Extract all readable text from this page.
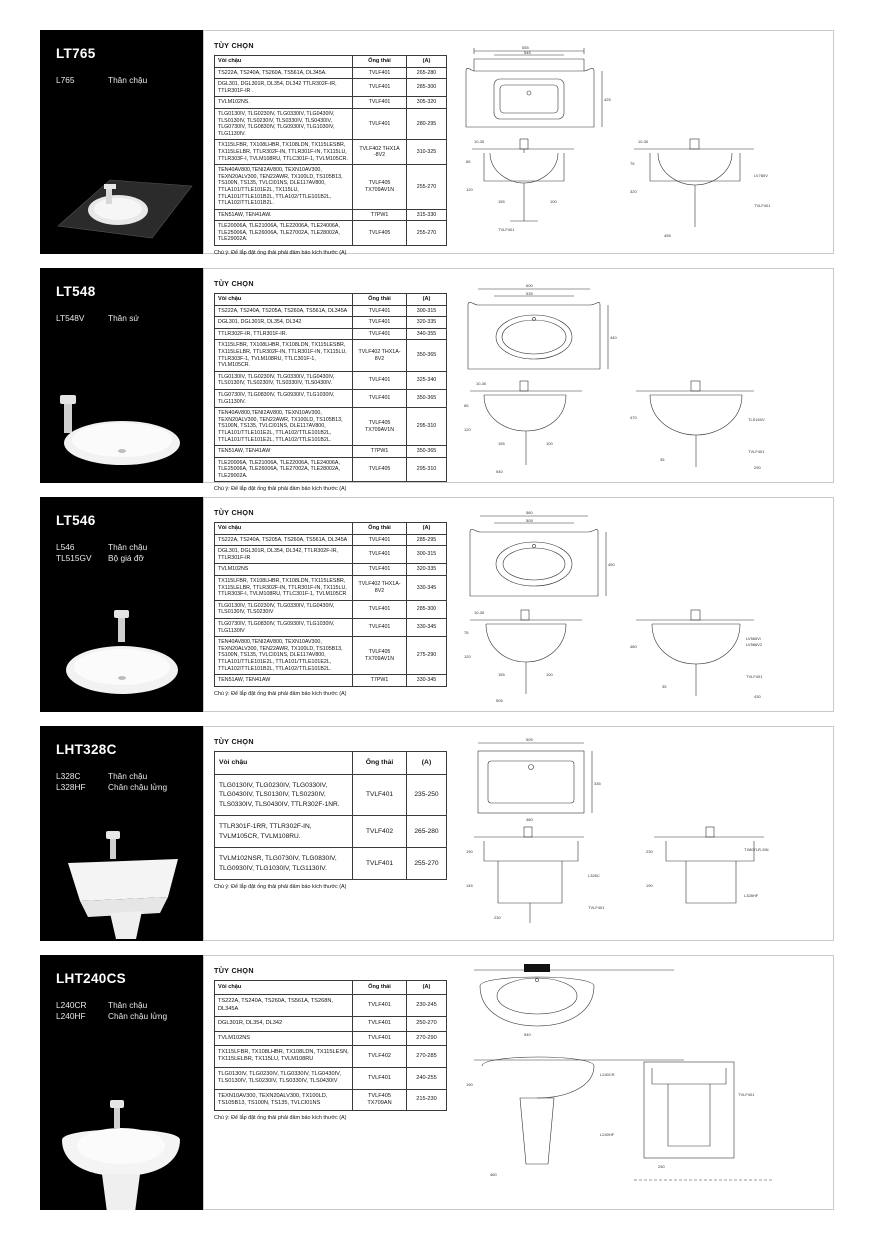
LT765
L765	Thân chậu
TÙY CHỌN
Vòi chậu	Ống thải	(A)
TS222A, TS240A, TS260A, TS561A, DL345A.	TVLF401	265-280
DGL301, DGL301R, DL354, DL342 TTLR302F-IR, TTLR301F-IR .	TVLF401	285-300
TVLM102NS.	TVLF401	305-320
TLG0130IV, TLG0230IV, TLG0330IV, TLG0430IV, TLS0130IV, TLS0230IV, TLS0330IV, TLS0430IV, TLG0730IV, TLG0830IV, TLG0930IV, TLG1030IV, TLG1130IV.	TVLF401	280-295
TX115LFBR, TX108LHBR, TX108LDN, TX115LESBR, TX115LELBR, TTLR302F-IN, TTLR301F-IN, TX115LU, TTLR303F-I, TVLM108RU, TTLC301F-1, TVLM105CR.	TVLF402 THX1A -8V2	310-325
TEN40AV800,TENI2AV800, TEXN10AV300, TEXN20ALV300, TEN22AWR, TX100LD, TS105B13, TS100N, TS135, TVLCI01NS, DLE117AV800, TTLA101/TTLE101E2L, TX115LU, TTLA101/TTLE101B2L, TTLA102/TTLE101B2L, TTLA102/TTLE101B2L.	TVLF405 TX709AV1N	255-270
TEN51AW, TEN41AW.	T7PW1	315-330
TLE20006A, TLE21006A, TLE22006A, TLE24006A, TLE25006A, TLE26006A, TLE27002A, TLE28002A, TLE29002A.	TVLF405	255-270
Chú ý: Để lắp đặt ống thải phải đảm bảo kích thước (A)
555
545
425
10-30
65
120
155	100
TVLF401
10-30
75
320
LV780V
TVLF401
455
LT548
LT548V	Thân sứ
TÙY CHỌN
Vòi chậu	Ống thải	(A)
TS222A, TS240A, TS205A, TS260A, TS561A, DL345A	TVLF401	300-315
DGL301, DGL301R, DL354, DL342	TVLF401	320-335
TTLR302F-IR, TTLR301F-IR.	TVLF401	340-355
TX115LFBR, TX108LHBR, TX108LDN, TX115LESBR, TX115LELBR, TTLR302F-IN, TTLR301F-IN, TX115LU, TTLR303F-1, TVLM108RU, TTLC301F-1, TVLM105CR.	TVLF402 THX1A-8V2	350-365
TLG0130IV, TLG0230IV, TLG0330IV, TLG0430IV, TLS0130IV, TLS0230IV, TLS0330IV, TLS0430IV.	TVLF401	325-340
TLG0730IV, TLG0830IV, TLG0930IV, TLG1030IV, TLG1130IV.	TVLF401	350-365
TEN40AV800,TENI2AV800, TEXN10AV300, TEXN20ALV300, TEN22AWR, TX100LD, TS105B13, TS100N, TS135, TVLCI01NS, DLE117AV800, TTLA101/TTLE101E2L, TTLA102/TTLE101B2L, TTLA101/TTLE101E2L, TTLA102/TTLE101B2L.	TVLF405 TX709AV1N	295-310
TEN51AW, TEN41AW	T7PW1	350-365
TLE20006A, TLE21006A, TLE22006A, TLE24006A, TLE25006A, TLE26006A, TLE27002A, TLE28002A, TLE29002A.	TVLF405	295-310
Chú ý: Để lắp đặt ống thải phải đảm bảo kích thước (A)
600
535
440
10-30
65
120
155	100
540
470
35
TLS160V
TVLF401
290
LT546
L546
TL515GV
Thân chậu
Bộ giá đỡ
TÙY CHỌN
Vòi chậu	Ống thải	(A)
TS222A, TS240A, TS205A, TS260A, TS561A, DL345A	TVLF401	285-295
DGL301, DGL301R, DL354, DL342, TTLR302F-IR, TTLR301F-IR	TVLF401	300-315
TVLM102NS	TVLF401	320-335
TX115LFBR, TX108LHBR, TX108LDN, TX115LESBR, TX115LELBR, TTLR302F-IN, TTLR301F-IN, TX115LU, TTLR303F-I, TVLM108RU, TTLC301F-1, TVLM105CR	TVLF402 THX1A-8V2	330-345
TLG0130IV, TLG0230IV, TLG0330IV, TLG0430IV, TLS0130IV, TLS0230IV	TVLF401	285-300
TLG0730IV, TLG0830IV, TLG0930IV, TLG1030IV, TLG1130IV	TVLF401	330-345
TEN40AV800,TENI2AV800, TEXN10AV300, TEXN20ALV300, TEN22AWR, TX100LD, TS105B13, TS100N, TS135, TVLCI01NS, DLE117AV800, TTLA101/TTLE101E2L, TTLA101/TTLE101E2L, TTLA102/TTLE101B2L, TTLA102/TTLE101B2L.	TVLF405 TX709AV1N	275-290
TEN51AW, TEN41AW	T7PW1	330-345
Chú ý: Để lắp đặt ống thải phải đảm bảo kích thước (A)
560
505
450
10-30
75
120
155	100
505
480
LV565V/
LV566V2
TVLF401
35
430
LHT328C
L328C
L328HF
Thân chậu
Chân chậu lửng
TÙY CHỌN
Vòi chậu	Ống thải	(A)
TLG0130IV, TLG0230IV, TLG0330IV, TLG0430IV, TLS0130IV, TLS0230IV, TLS0330IV, TLS0430IV, TTLR302F-1NR.	TVLF401	235-250
TTLR301F-1RR, TTLR302F-IN, TVLM105CR, TVLM108RU.	TVLF402	265-280
TVLM102NSR, TLG0730IV, TLG0830IV, TLG0930IV, TLG1030IV, TLG1130IV.	TVLF401	255-270
Chú ý: Để lắp đặt ống thải phải đảm bảo kích thước (A)
505
335
480
190
145
L326C
TVLF401
230
230
190
TX807LR-3IN
L328HF
LHT240CS
L240CR
L240HF
Thân chậu
Chân chậu lửng
TÙY CHỌN
Vòi chậu	Ống thải	(A)
TS222A, TS240A, TS260A, TS561A, TS268N, DL345A	TVLF401	230-245
DGL301R, DL354, DL342	TVLF401	250-270
TVLM102NS	TVLF401	270-290
TX115LFBR, TX108LHBR, TX108LDN, TX115LESN, TX115LELBR, TX115LU, TVLM108RU	TVLF402	270-285
TLG0130IV, TLG0230IV, TLG0330IV, TLG0430IV, TLS0130IV, TLS0230IV, TLS0330IV, TLS0430IV	TVLF401	240-255
TEXN10AV300, TEXN20ALV300, TX100LD, TS105B13, TS100N, TS135, TVLCI01NS	TVLF405 TX709AN	215-230
Chú ý: Để lắp đặt ống thải phải đảm bảo kích thước (A)
540
190
L240CR
L240HF
460
TVLF401
250
